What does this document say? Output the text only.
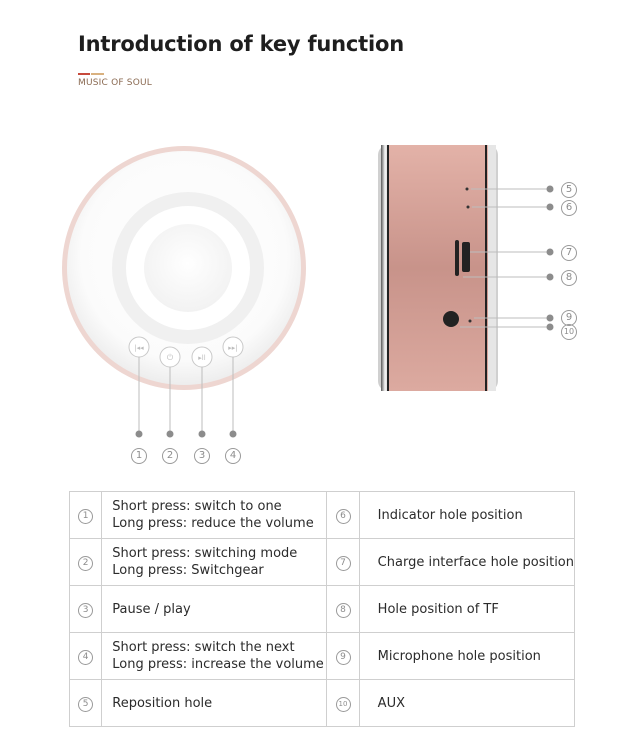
Introduction of key function
MUSIC OF SOUL
|◂◂
⏻	▸ll
▸▸|
1	2	3	4
5
6
7
8
9
10
1	Short press: switch to one
Long press: reduce the volume	6	Indicator hole position
2	Short press: switching mode
Long press: Switchgear	7	Charge interface hole position
3	Pause / play	8	Hole position of TF
4	Short press: switch the next
Long press: increase the volume	9	Microphone hole position
5	Reposition hole	10	AUX
